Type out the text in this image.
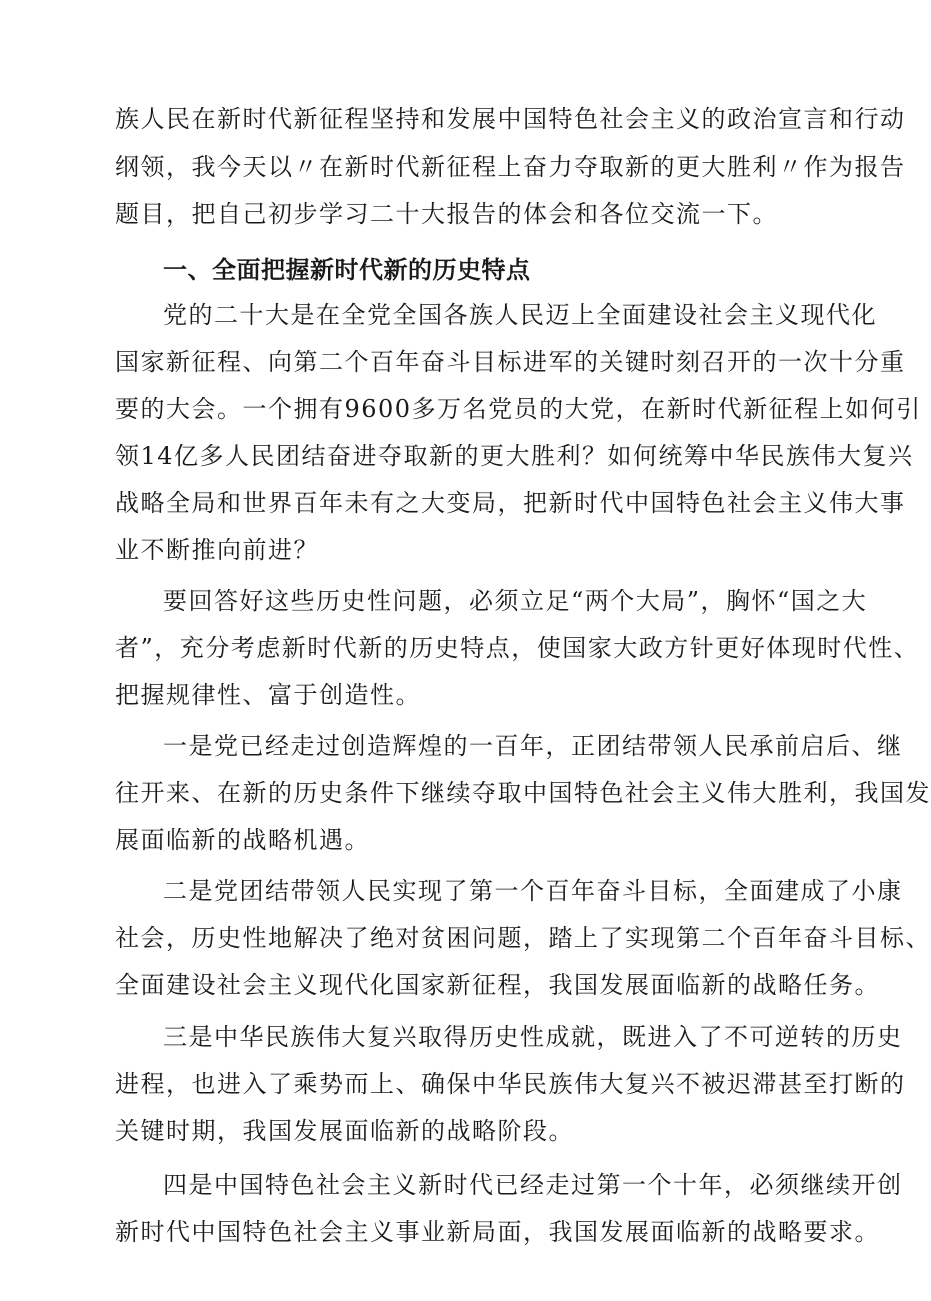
族人民在新时代新征程坚持和发展中国特色社会主义的政治宣言和行动
纲领，我今天以〃在新时代新征程上奋力夺取新的更大胜利〃作为报告
题目，把自己初步学习二十大报告的体会和各位交流一下。
一、全面把握新时代新的历史特点
党的二十大是在全党全国各族人民迈上全面建设社会主义现代化
国家新征程、向第二个百年奋斗目标进军的关键时刻召开的一次十分重
要的大会。一个拥有9600多万名党员的大党，在新时代新征程上如何引
领14亿多人民团结奋进夺取新的更大胜利？如何统筹中华民族伟大复兴
战略全局和世界百年未有之大变局，把新时代中国特色社会主义伟大事
业不断推向前进？
要回答好这些历史性问题，必须立足“两个大局”，胸怀“国之大
者”，充分考虑新时代新的历史特点，使国家大政方针更好体现时代性、
把握规律性、富于创造性。
一是党已经走过创造辉煌的一百年，正团结带领人民承前启后、继
往开来、在新的历史条件下继续夺取中国特色社会主义伟大胜利，我国发
展面临新的战略机遇。
二是党团结带领人民实现了第一个百年奋斗目标，全面建成了小康
社会，历史性地解决了绝对贫困问题，踏上了实现第二个百年奋斗目标、
全面建设社会主义现代化国家新征程，我国发展面临新的战略任务。
三是中华民族伟大复兴取得历史性成就，既进入了不可逆转的历史
进程，也进入了乘势而上、确保中华民族伟大复兴不被迟滞甚至打断的
关键时期，我国发展面临新的战略阶段。
四是中国特色社会主义新时代已经走过第一个十年，必须继续开创
新时代中国特色社会主义事业新局面，我国发展面临新的战略要求。
